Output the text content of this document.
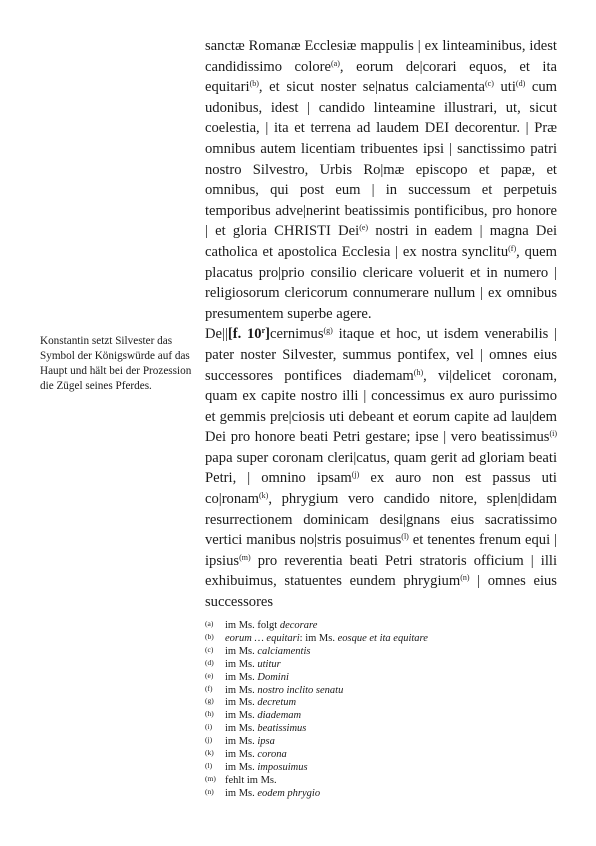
Konstantin setzt Silvester das Symbol der Königswürde auf das Haupt und hält bei der Prozession die Zügel seines Pferdes.

sanctæ Romanæ Ecclesiæ mappulis | ex linteaminibus, idest candidissimo colore$^{(a)}$, eorum de|corari equos, et ita equitari$^{(b)}$, et sicut noster se|natus calciamenta$^{(c)}$ uti$^{(d)}$ cum udonibus, idest | candido linteamine illustrari, ut, sicut coelestia, | ita et terrena ad laudem DEI decorentur. | Præ omnibus autem licentiam tribuentes ipsi | sanctissimo patri nostro Silvestro, Urbis Ro|mæ episcopo et papæ, et omnibus, qui post eum | in successum et perpetuis temporibus adve|nerint beatissimis pontificibus, pro honore | et gloria CHRISTI Dei$^{(e)}$ nostri in eadem | magna Dei catholica et apostolica Ecclesia | ex nostra synclitu$^{(f)}$, quem placatus pro|prio consilio clericare voluerit et in numero | religiosorum clericorum connumerare nullum | ex omnibus presumentem superbe agere.

De||[f. 10$^r$]cernimus$^{(g)}$ itaque et hoc, ut isdem venerabilis | pater noster Silvester, summus pontifex, vel | omnes eius successores pontifices diademam$^{(h)}$, vi|delicet coronam, quam ex capite nostro illi | concessimus ex auro purissimo et gemmis pre|ciosis uti debeant et eorum capite ad lau|dem Dei pro honore beati Petri gestare; ipse | vero beatissimus$^{(i)}$ papa super coronam cleri|catus, quam gerit ad gloriam beati Petri, | omnino ipsam$^{(j)}$ ex auro non est passus uti co|ronam$^{(k)}$, phrygium vero candido nitore, splen|didam resurrectionem dominicam desi|gnans eius sacratissimo vertici manibus no|stris posuimus$^{(l)}$ et tenentes frenum equi | ipsius$^{(m)}$ pro reverentia beati Petri stratoris officium | illi exhibuimus, statuentes eundem phrygium$^{(n)}$ | omnes eius successores

(a)	im Ms. folgt decorare
(b)	eorum … equitari: im Ms. eosque et ita equitare
(c)	im Ms. calciamentis
(d)	im Ms. utitur
(e)	im Ms. Domini
(f)	im Ms. nostro inclito senatu
(g)	im Ms. decretum
(h)	im Ms. diademam
(i)	im Ms. beatissimus
(j)	im Ms. ipsa
(k)	im Ms. corona
(l)	im Ms. imposuimus
(m) fehlt im Ms.
(n)	im Ms. eodem phrygio
